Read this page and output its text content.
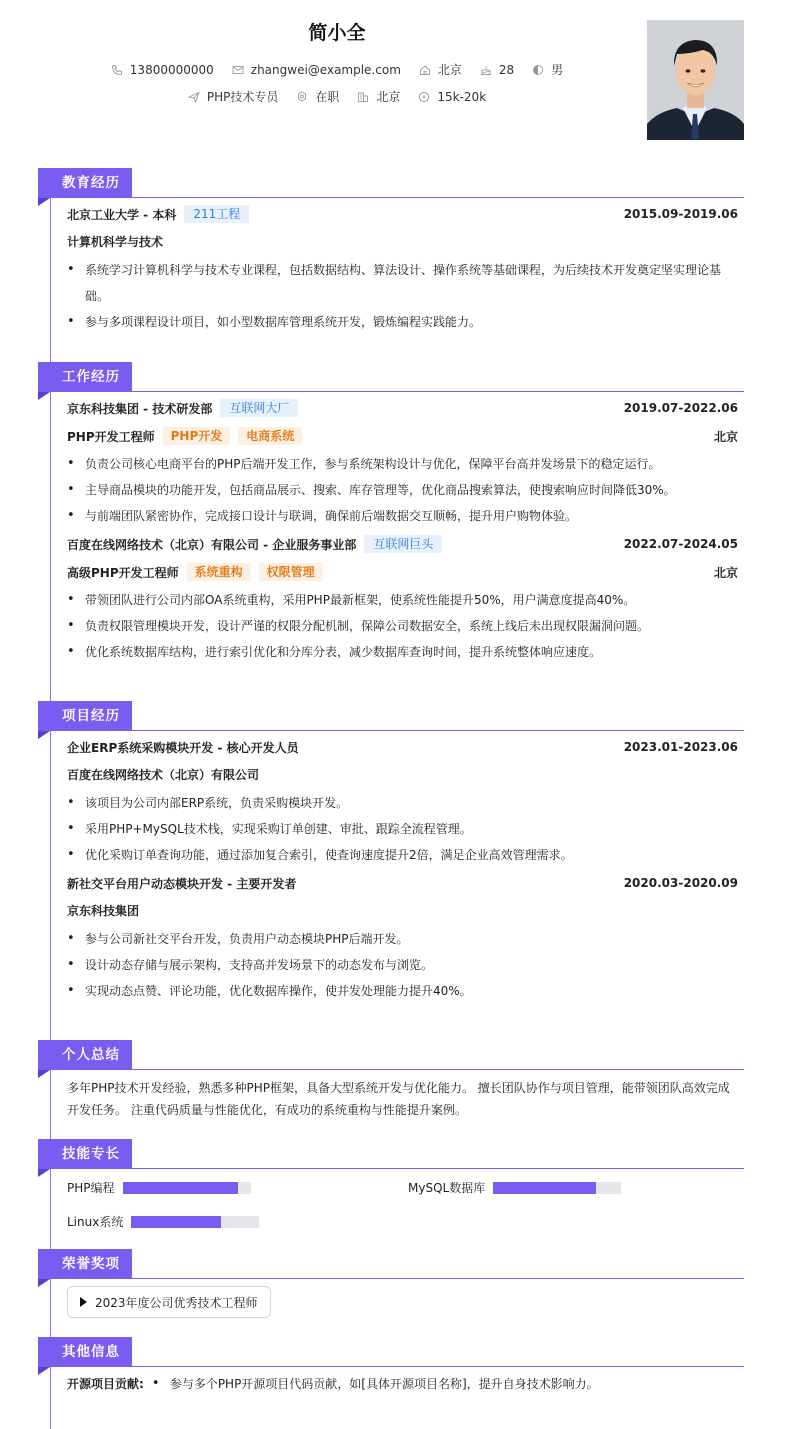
简小全
13800000000	zhangwei@example.com	北京	28	男
PHP技术专员	在职	北京	15k-20k
教育经历
北京工业大学 - 本科	211工程	2015.09-2019.06
计算机科学与技术
• 系统学习计算机科学与技术专业课程，包括数据结构、算法设计、操作系统等基础课程，为后续技术开发奠定坚实理论基础。
• 参与多项课程设计项目，如小型数据库管理系统开发，锻炼编程实践能力。
工作经历
京东科技集团 - 技术研发部	互联网大厂	2019.07-2022.06
PHP开发工程师	PHP开发	电商系统	北京
• 负责公司核心电商平台的PHP后端开发工作，参与系统架构设计与优化，保障平台高并发场景下的稳定运行。
• 主导商品模块的功能开发，包括商品展示、搜索、库存管理等，优化商品搜索算法，使搜索响应时间降低30%。
• 与前端团队紧密协作，完成接口设计与联调，确保前后端数据交互顺畅，提升用户购物体验。
百度在线网络技术（北京）有限公司 - 企业服务事业部	互联网巨头	2022.07-2024.05
高级PHP开发工程师	系统重构	权限管理	北京
• 带领团队进行公司内部OA系统重构，采用PHP最新框架，使系统性能提升50%，用户满意度提高40%。
• 负责权限管理模块开发，设计严谨的权限分配机制，保障公司数据安全，系统上线后未出现权限漏洞问题。
• 优化系统数据库结构，进行索引优化和分库分表，减少数据库查询时间，提升系统整体响应速度。
项目经历
企业ERP系统采购模块开发 - 核心开发人员	2023.01-2023.06
百度在线网络技术（北京）有限公司
• 该项目为公司内部ERP系统，负责采购模块开发。
• 采用PHP+MySQL技术栈，实现采购订单创建、审批、跟踪全流程管理。
• 优化采购订单查询功能，通过添加复合索引，使查询速度提升2倍，满足企业高效管理需求。
新社交平台用户动态模块开发 - 主要开发者	2020.03-2020.09
京东科技集团
• 参与公司新社交平台开发，负责用户动态模块PHP后端开发。
• 设计动态存储与展示架构，支持高并发场景下的动态发布与浏览。
• 实现动态点赞、评论功能，优化数据库操作，使并发处理能力提升40%。
个人总结
多年PHP技术开发经验，熟悉多种PHP框架，具备大型系统开发与优化能力。 擅长团队协作与项目管理，能带领团队高效完成开发任务。 注重代码质量与性能优化，有成功的系统重构与性能提升案例。
技能专长
PHP编程	MySQL数据库
Linux系统
荣誉奖项
2023年度公司优秀技术工程师
其他信息
开源项目贡献:
•	参与多个PHP开源项目代码贡献，如[具体开源项目名称]，提升自身技术影响力。
